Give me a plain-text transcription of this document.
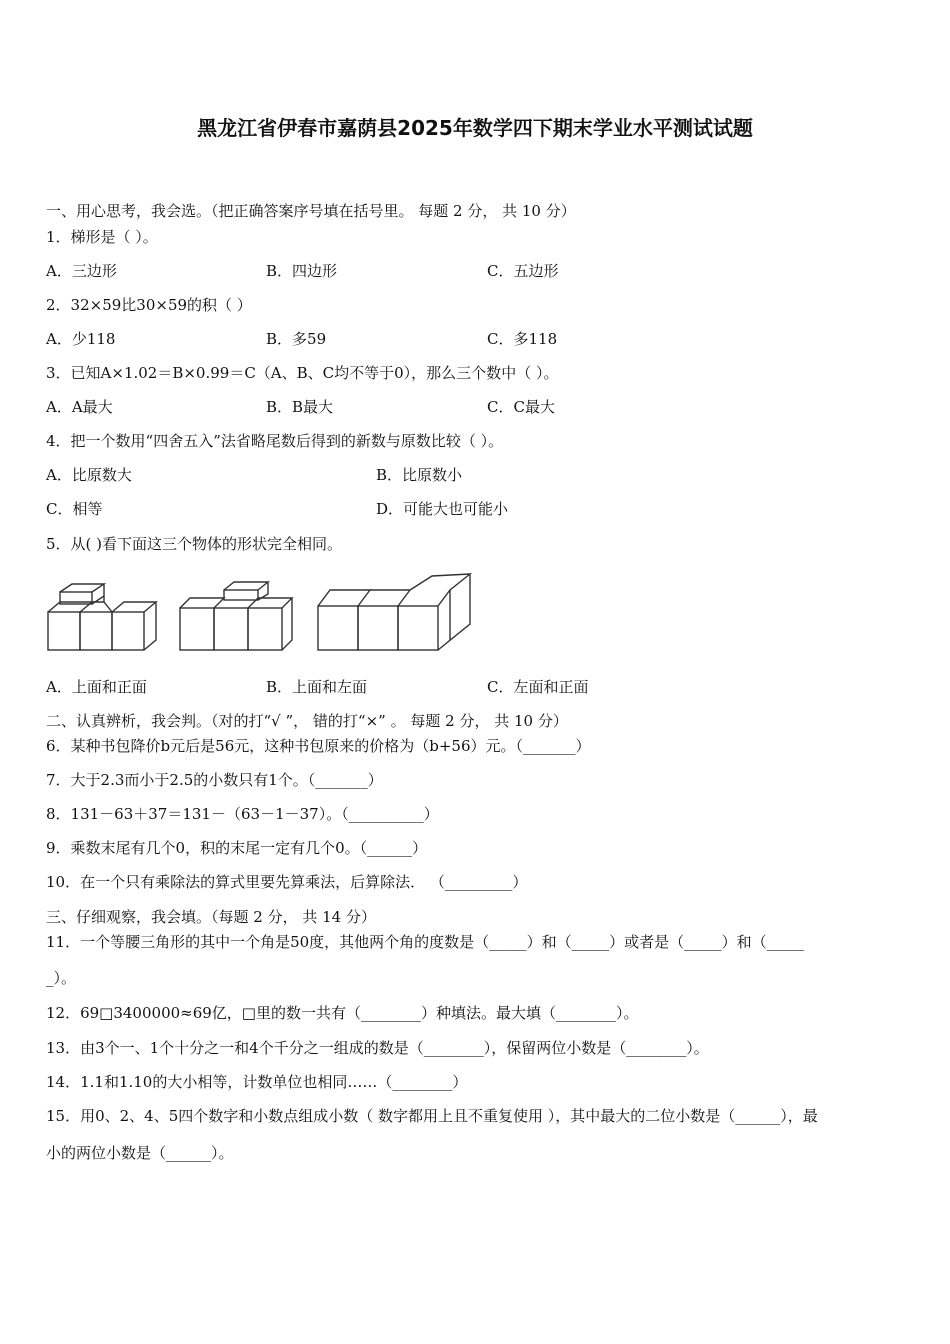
黑龙江省伊春市嘉荫县2025年数学四下期末学业水平测试试题
一、用心思考，我会选。（把正确答案序号填在括号里。 每题 2 分， 共 10 分）
1．梯形是（ ）。
A．三边形	B．四边形	C．五边形
2．32×59比30×59的积（ ）
A．少118	B．多59	C．多118
3．已知A×1.02＝B×0.99＝C（A、B、C均不等于0），那么三个数中（ ）。
A．A最大	B．B最大	C．C最大
4．把一个数用“四舍五入”法省略尾数后得到的新数与原数比较（ ）。
A．比原数大	B．比原数小
C．相等	D．可能大也可能小
5．从( )看下面这三个物体的形状完全相同。
A．上面和正面	B．上面和左面	C．左面和正面
二、认真辨析，我会判。（对的打“√ ”， 错的打“×” 。 每题 2 分， 共 10 分）
6．某种书包降价b元后是56元，这种书包原来的价格为（b+56）元。（_______）
7．大于2.3而小于2.5的小数只有1个。（_______）
8．131－63＋37＝131－（63－1－37）。（__________）
9．乘数末尾有几个0，积的末尾一定有几个0。（______）
10．在一个只有乘除法的算式里要先算乘法，后算除法． （_________）
三、仔细观察，我会填。（每题 2 分， 共 14 分）
11．一个等腰三角形的其中一个角是50度，其他两个角的度数是（_____）和（_____）或者是（_____）和（_____
_）。
12．69□3400000≈69亿，□里的数一共有（________）种填法。最大填（________）。
13．由3个一、1个十分之一和4个千分之一组成的数是（________），保留两位小数是（________）。
14．1.1和1.10的大小相等，计数单位也相同……（________）
15．用0、2、4、5四个数字和小数点组成小数（ 数字都用上且不重复使用 ），其中最大的二位小数是（______），最
小的两位小数是（______）。
